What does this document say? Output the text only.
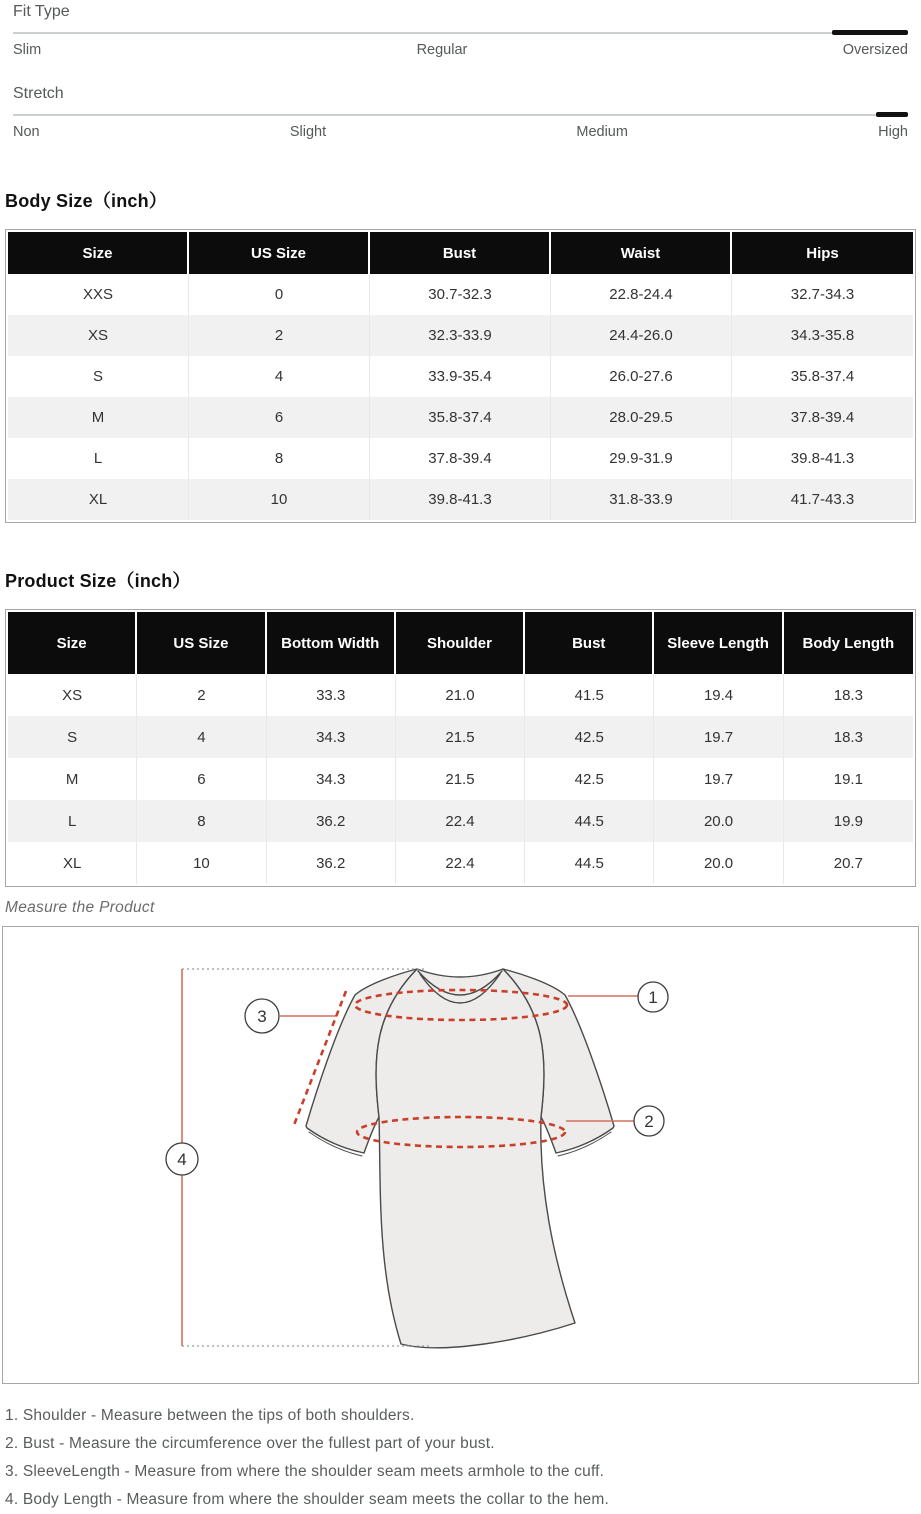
Fit Type
Slim	Regular	Oversized
Stretch
Non	Slight	Medium	High
Body Size（inch）
Size	US Size	Bust	Waist	Hips
XXS	0	30.7-32.3	22.8-24.4	32.7-34.3
XS	2	32.3-33.9	24.4-26.0	34.3-35.8
S	4	33.9-35.4	26.0-27.6	35.8-37.4
M	6	35.8-37.4	28.0-29.5	37.8-39.4
L	8	37.8-39.4	29.9-31.9	39.8-41.3
XL	10	39.8-41.3	31.8-33.9	41.7-43.3
Product Size（inch）
Size	US Size	Bottom Width	Shoulder	Bust	Sleeve Length	Body Length
XS	2	33.3	21.0	41.5	19.4	18.3
S	4	34.3	21.5	42.5	19.7	18.3
M	6	34.3	21.5	42.5	19.7	19.1
L	8	36.2	22.4	44.5	20.0	19.9
XL	10	36.2	22.4	44.5	20.0	20.7
Measure the Product
1
2
3
4
1. Shoulder - Measure between the tips of both shoulders.
2. Bust - Measure the circumference over the fullest part of your bust.
3. SleeveLength - Measure from where the shoulder seam meets armhole to the cuff.
4. Body Length - Measure from where the shoulder seam meets the collar to the hem.
